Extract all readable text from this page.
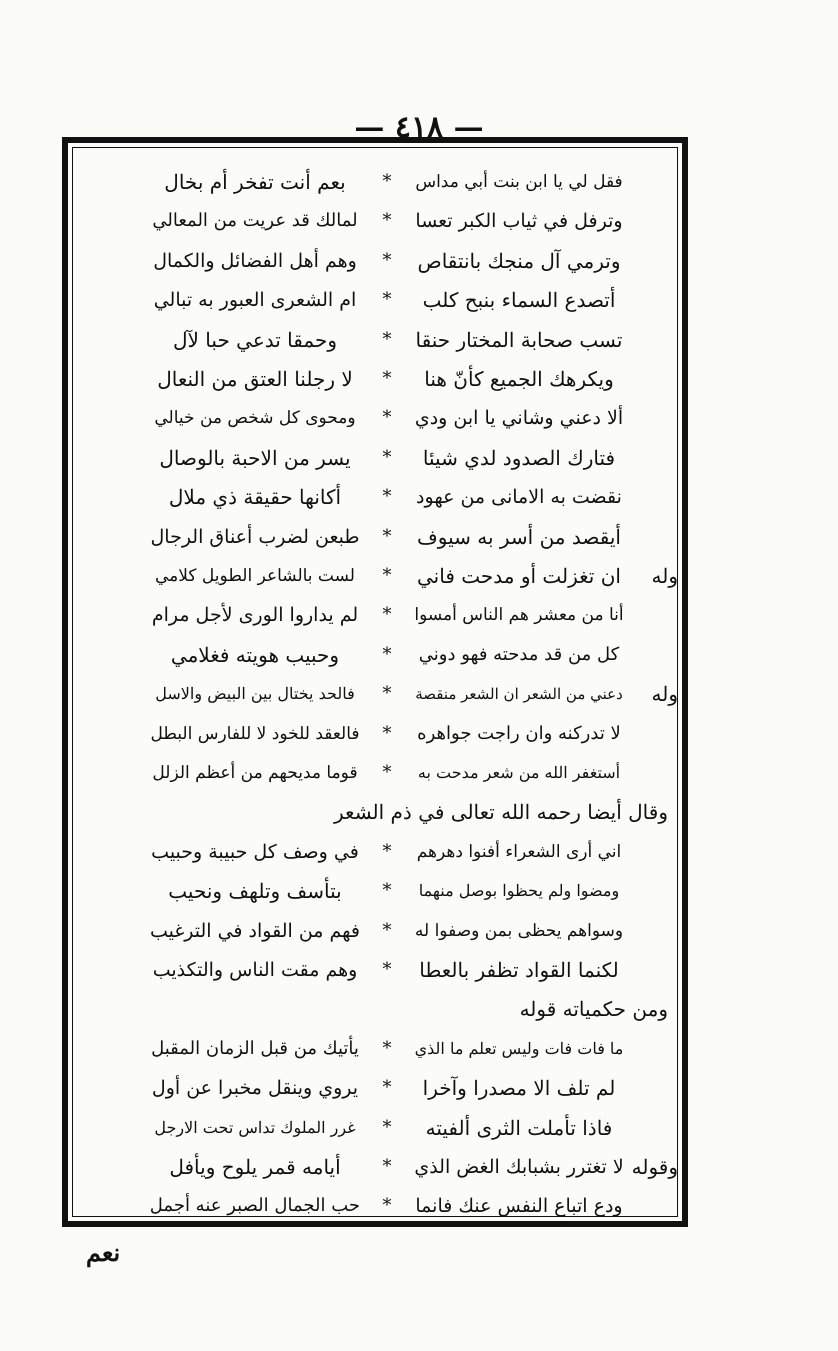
— ٤١٨ —
فقل لي يا ابن بنت أبي مداس
*
بعم أنت تفخر أم بخال
وترفل في ثياب الكبر تعسا
*
لمالك قد عريت من المعالي
وترمي آل منجك بانتقاص
*
وهم أهل الفضائل والكمال
أتصدع السماء بنبح كلب
*
ام الشعرى العبور به تبالي
تسب صحابة المختار حنقا
*
وحمقا تدعي حبا لآل
ويكرهك الجميع كأنّ هنا
*
لا رجلنا العتق من النعال
ألا دعني وشاني يا ابن ودي
*
ومحوى كل شخص من خيالي
فتارك الصدود لدي شيئا
*
يسر من الاحبة بالوصال
نقضت به الامانى من عهود
*
أكانها حقيقة ذي ملال
أيقصد من أسر به سيوف
*
طبعن لضرب أعناق الرجال
وله
ان تغزلت أو مدحت فاني
*
لست بالشاعر الطويل كلامي
أنا من معشر هم الناس أمسوا
*
لم يداروا الورى لأجل مرام
كل من قد مدحته فهو دوني
*
وحبيب هويته فغلامي
وله
دعني من الشعر ان الشعر منقصة
*
فالحد يختال بين البيض والاسل
لا تدركنه وان راجت جواهره
*
فالعقد للخود لا للفارس البطل
أستغفر الله من شعر مدحت به
*
قوما مديحهم من أعظم الزلل
وقال أيضا رحمه الله تعالى في ذم الشعر
اني أرى الشعراء أفنوا دهرهم
*
في وصف كل حبيبة وحبيب
ومضوا ولم يحظوا بوصل منهما
*
بتأسف وتلهف ونحيب
وسواهم يحظى بمن وصفوا له
*
فهم من القواد في الترغيب
لكنما القواد تظفر بالعطا
*
وهم مقت الناس والتكذيب
ومن حكمياته قوله
ما فات فات وليس تعلم ما الذي
*
يأتيك من قبل الزمان المقبل
لم تلف الا مصدرا وآخرا
*
يروي وينقل مخبرا عن أول
فاذا تأملت الثرى ألفيته
*
غرر الملوك تداس تحت الارجل
وقوله
لا تغترر بشبابك الغض الذي
*
أيامه قمر يلوح ويأفل
ودع اتباع النفس عنك فانما
*
حب الجمال الصبر عنه أجمل
نعم
